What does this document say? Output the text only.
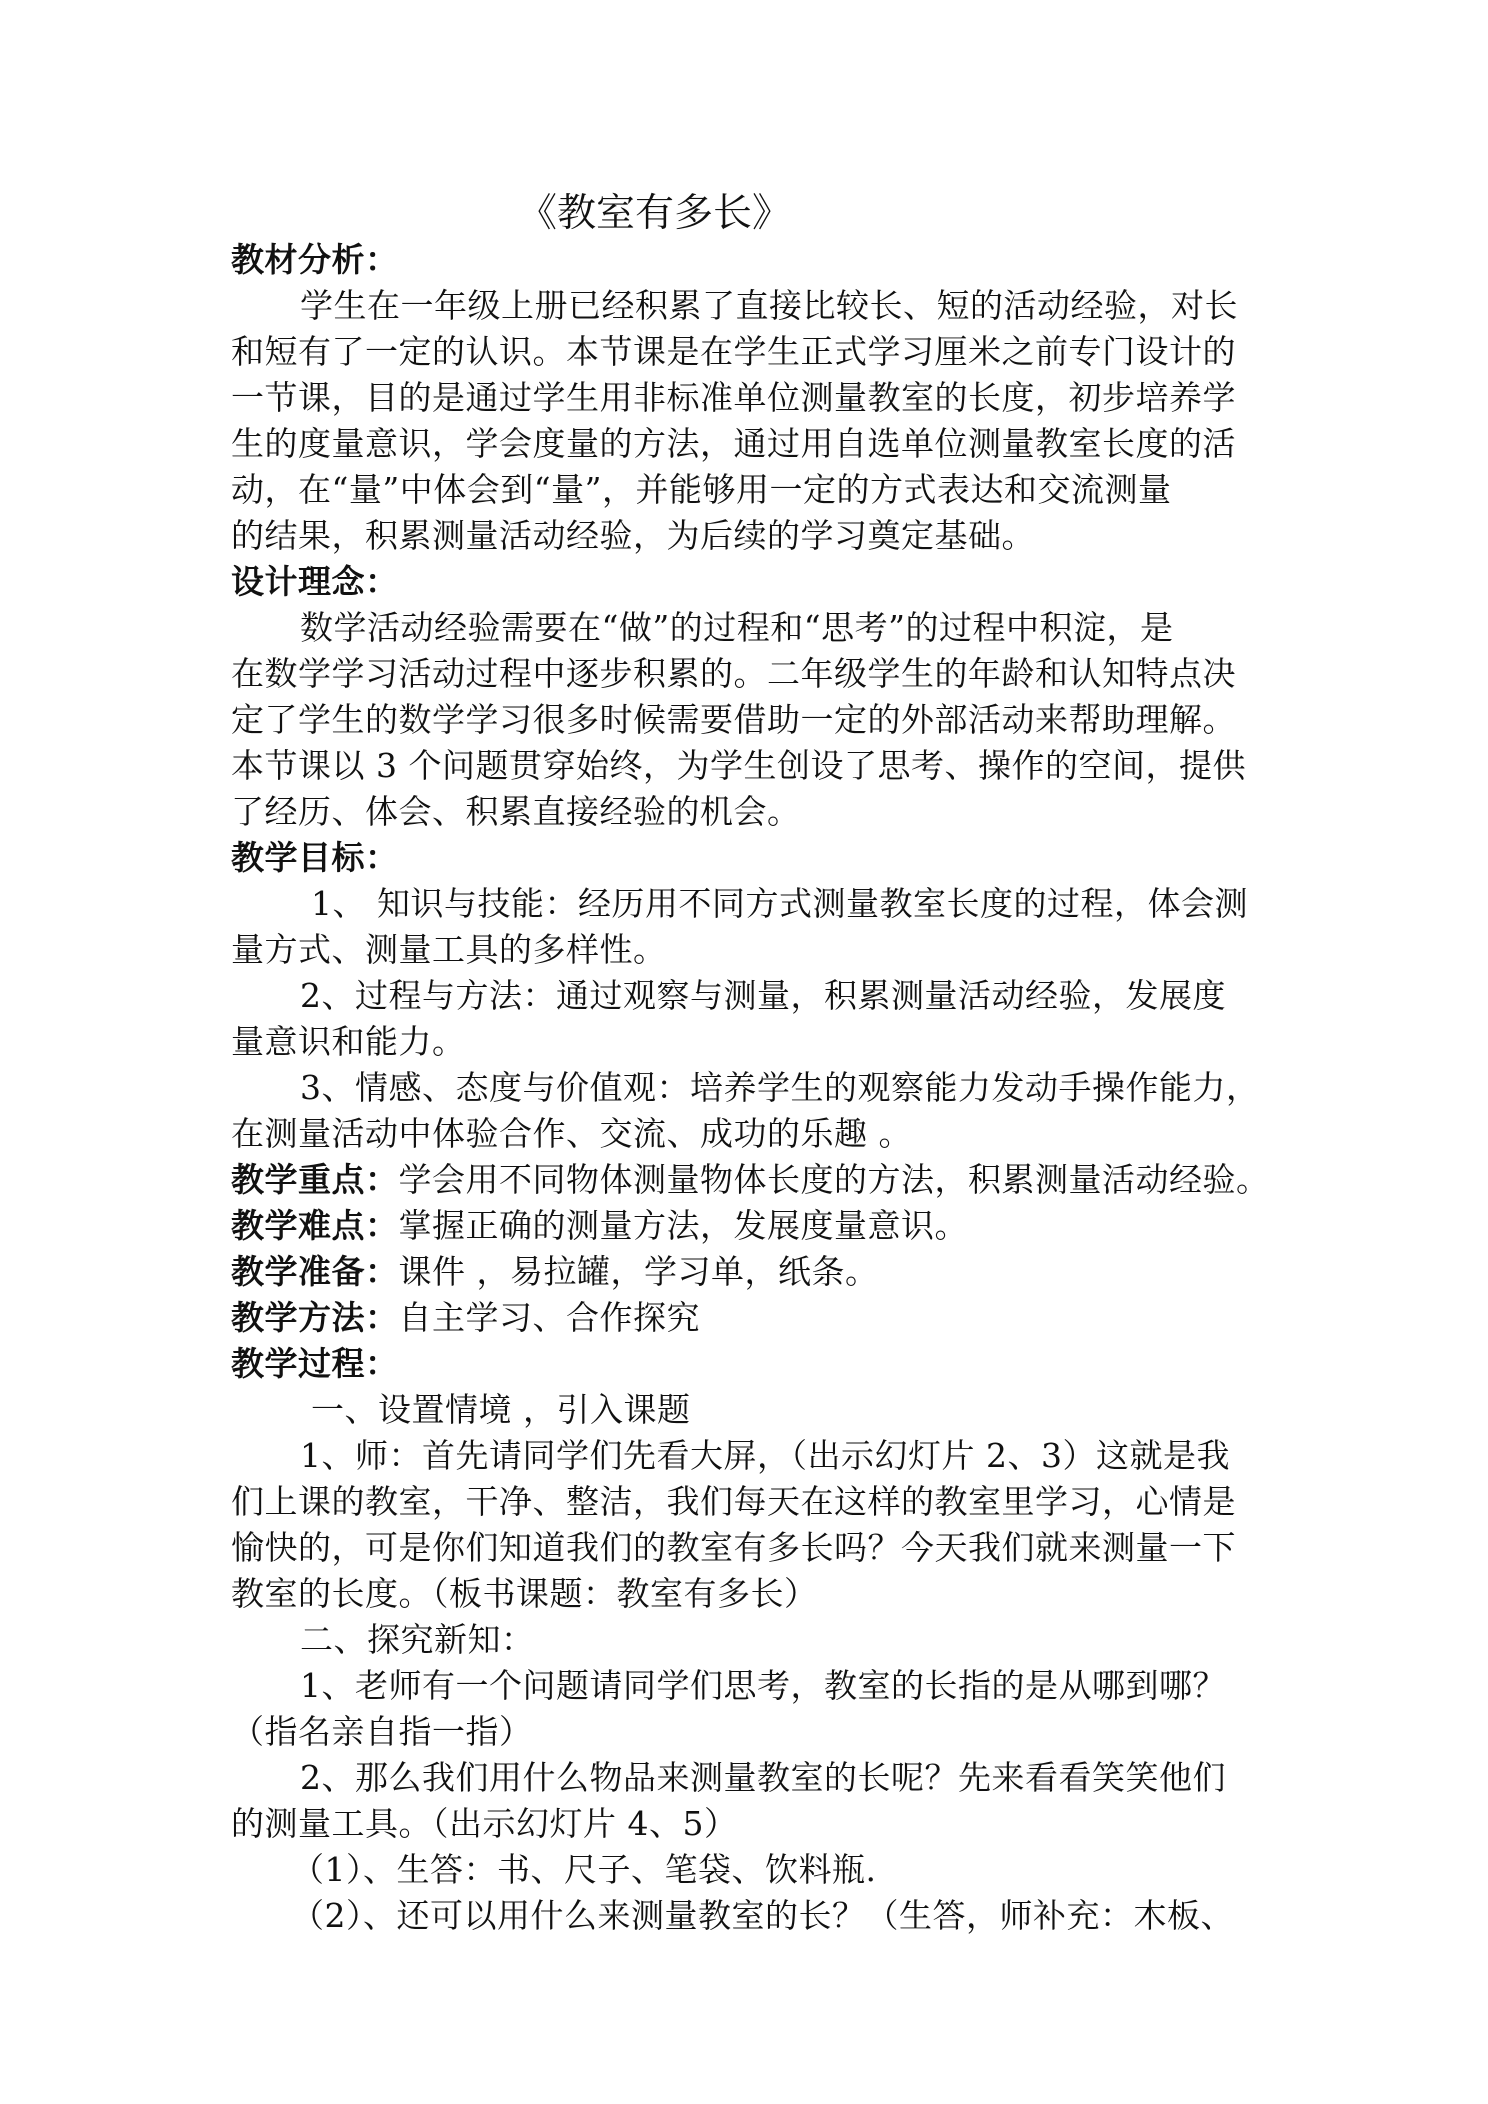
《教室有多长》
教材分析：
学生在一年级上册已经积累了直接比较长、短的活动经验，对长
和短有了一定的认识。本节课是在学生正式学习厘米之前专门设计的
一节课，目的是通过学生用非标准单位测量教室的长度，初步培养学
生的度量意识，学会度量的方法，通过用自选单位测量教室长度的活
动，在“量”中体会到“量”，并能够用一定的方式表达和交流测量
的结果，积累测量活动经验，为后续的学习奠定基础。
设计理念：
数学活动经验需要在“做”的过程和“思考”的过程中积淀，是
在数学学习活动过程中逐步积累的。二年级学生的年龄和认知特点决
定了学生的数学学习很多时候需要借助一定的外部活动来帮助理解。
本节课以 3 个问题贯穿始终，为学生创设了思考、操作的空间，提供
了经历、体会、积累直接经验的机会。
教学目标：
1、 知识与技能：经历用不同方式测量教室长度的过程，体会测
量方式、测量工具的多样性。
2、过程与方法：通过观察与测量，积累测量活动经验，发展度
量意识和能力。
3、情感、态度与价值观：培养学生的观察能力发动手操作能力，
在测量活动中体验合作、交流、成功的乐趣 。
教学重点：学会用不同物体测量物体长度的方法，积累测量活动经验。
教学难点：掌握正确的测量方法，发展度量意识。
教学准备：课件 ，易拉罐，学习单，纸条。
教学方法：自主学习、合作探究
教学过程：
一、设置情境 ，引入课题
1、师：首先请同学们先看大屏，（出示幻灯片 2、3）这就是我
们上课的教室，干净、整洁，我们每天在这样的教室里学习，心情是
愉快的，可是你们知道我们的教室有多长吗？今天我们就来测量一下
教室的长度。（板书课题：教室有多长）
二、探究新知：
1、老师有一个问题请同学们思考，教室的长指的是从哪到哪？
（指名亲自指一指）
2、那么我们用什么物品来测量教室的长呢？先来看看笑笑他们
的测量工具。（出示幻灯片 4、5）
（1）、生答：书、尺子、笔袋、饮料瓶.
（2）、还可以用什么来测量教室的长？（生答，师补充：木板、
